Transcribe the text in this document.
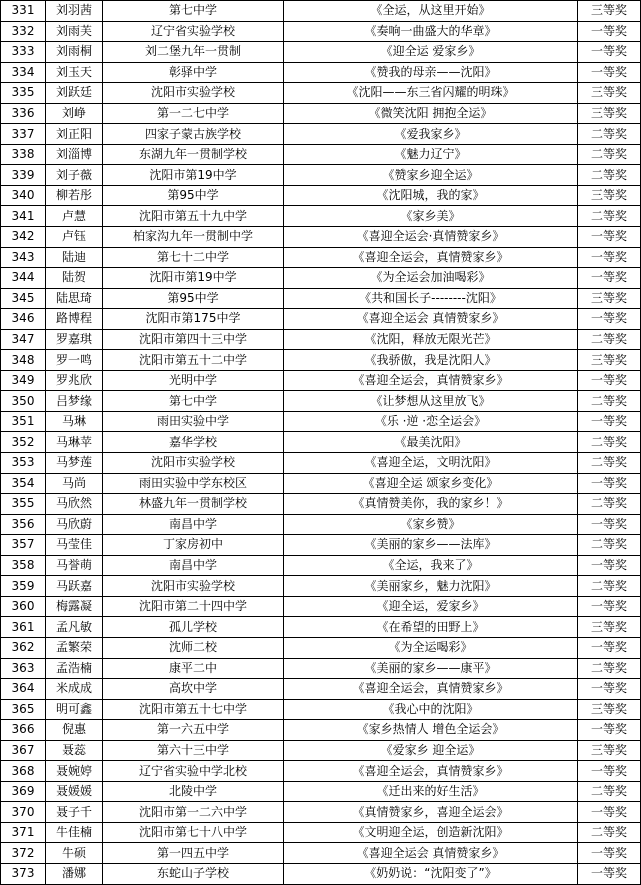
331	刘羽茜	第七中学	《全运，从这里开始》	三等奖
332	刘雨芙	辽宁省实验学校	《奏响一曲盛大的华章》	一等奖
333	刘雨桐	刘二堡九年一贯制	《迎全运 爱家乡》	一等奖
334	刘玉天	彰驿中学	《赞我的母亲——沈阳》	一等奖
335	刘跃廷	沈阳市实验学校	《沈阳——东三省闪耀的明珠》	三等奖
336	刘峥	第一二七中学	《微笑沈阳 拥抱全运》	三等奖
337	刘正阳	四家子蒙古族学校	《爱我家乡》	二等奖
338	刘淄博	东湖九年一贯制学校	《魅力辽宁》	二等奖
339	刘子薇	沈阳市第19中学	《赞家乡迎全运》	二等奖
340	柳若彤	第95中学	《沈阳城，我的家》	三等奖
341	卢慧	沈阳市第五十九中学	《家乡美》	二等奖
342	卢钰	柏家沟九年一贯制中学	《喜迎全运会·真情赞家乡》	一等奖
343	陆迪	第七十二中学	《喜迎全运会，真情赞家乡》	一等奖
344	陆贺	沈阳市第19中学	《为全运会加油喝彩》	一等奖
345	陆思琦	第95中学	《共和国长子--------沈阳》	三等奖
346	路博程	沈阳市第175中学	《喜迎全运会 真情赞家乡》	一等奖
347	罗嘉琪	沈阳市第四十三中学	《沈阳，释放无限光芒》	二等奖
348	罗一鸣	沈阳市第五十二中学	《我骄傲，我是沈阳人》	三等奖
349	罗兆欣	光明中学	《喜迎全运会，真情赞家乡》	一等奖
350	吕梦缘	第七中学	《让梦想从这里放飞》	二等奖
351	马琳	雨田实验中学	《乐 ·逆 ·恋全运会》	一等奖
352	马琳苹	嘉华学校	《最美沈阳》	二等奖
353	马梦莲	沈阳市实验学校	《喜迎全运，文明沈阳》	二等奖
354	马尚	雨田实验中学东校区	《喜迎全运 颂家乡变化》	一等奖
355	马欣然	林盛九年一贯制学校	《真情赞美你，我的家乡！》	二等奖
356	马欣蔚	南昌中学	《家乡赞》	一等奖
357	马莹佳	丁家房初中	《美丽的家乡——法库》	二等奖
358	马誉萌	南昌中学	《全运，我来了》	一等奖
359	马跃嘉	沈阳市实验学校	《美丽家乡，魅力沈阳》	二等奖
360	梅露凝	沈阳市第二十四中学	《迎全运，爱家乡》	一等奖
361	孟凡敏	孤儿学校	《在希望的田野上》	三等奖
362	孟繁荣	沈师二校	《为全运喝彩》	一等奖
363	孟浩楠	康平二中	《美丽的家乡——康平》	二等奖
364	米成成	高坎中学	《喜迎全运会，真情赞家乡》	一等奖
365	明可鑫	沈阳市第五十七中学	《我心中的沈阳》	三等奖
366	倪惠	第一六五中学	《家乡热情人 增色全运会》	一等奖
367	聂蕊	第六十三中学	《爱家乡 迎全运》	三等奖
368	聂婉婷	辽宁省实验中学北校	《喜迎全运会，真情赞家乡》	一等奖
369	聂媛媛	北陵中学	《迁出来的好生活》	二等奖
370	聂子千	沈阳市第一二六中学	《真情赞家乡，喜迎全运会》	一等奖
371	牛佳楠	沈阳市第七十八中学	《文明迎全运，创造新沈阳》	二等奖
372	牛硕	第一四五中学	《喜迎全运会 真情赞家乡》	一等奖
373	潘娜	东蛇山子学校	《奶奶说：“沈阳变了”》	一等奖
